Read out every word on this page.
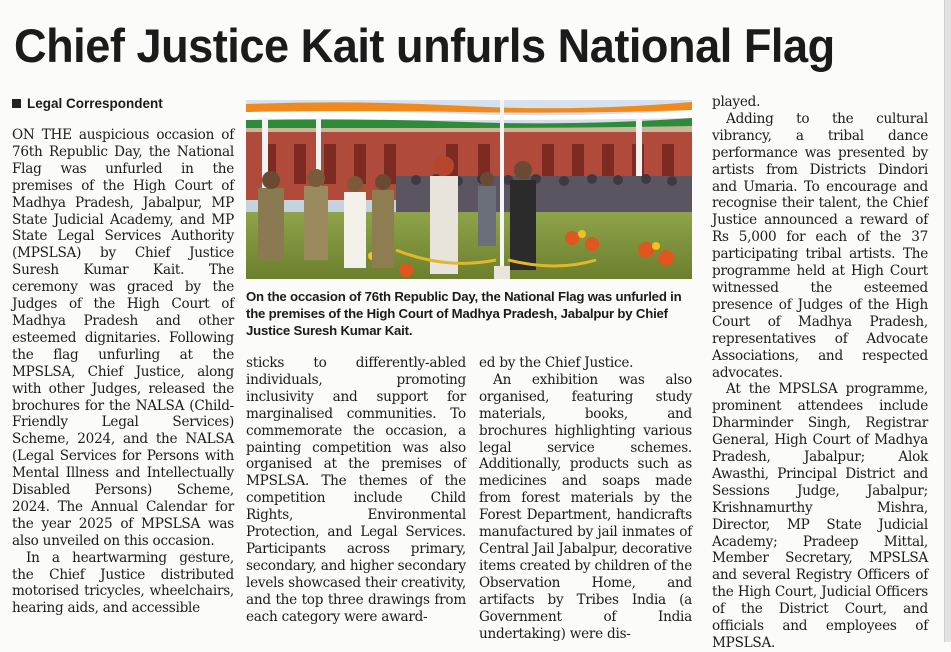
Chief Justice Kait unfurls National Flag
Legal Correspondent

ON THE auspicious occasion of 76th Republic Day, the National Flag was unfurled in the premises of the High Court of Madhya Pradesh, Jabalpur, MP State Judicial Academy, and MP State Legal Services Authority (MPSLSA) by Chief Justice Suresh Kumar Kait. The ceremony was graced by the Judges of the High Court of Madhya Pradesh and other esteemed dignitaries. Following the flag unfurling at the MPSLSA, Chief Justice, along with other Judges, released the brochures for the NALSA (Child-Friendly Legal Services) Scheme, 2024, and the NALSA (Legal Services for Persons with Mental Illness and Intellectually Disabled Persons) Scheme, 2024. The Annual Calendar for the year 2025 of MPSLSA was also unveiled on this occasion.

In a heartwarming gesture, the Chief Justice distributed motorised tricycles, wheelchairs, hearing aids, and accessible

On the occasion of 76th Republic Day, the National Flag was unfurled in the premises of the High Court of Madhya Pradesh, Jabalpur by Chief Justice Suresh Kumar Kait.

sticks to differently-abled individuals, promoting inclusivity and support for marginalised communities. To commemorate the occasion, a painting competition was also organised at the premises of MPSLSA. The themes of the competition include Child Rights, Environmental Protection, and Legal Services. Participants across primary, secondary, and higher secondary levels showcased their creativity, and the top three drawings from each category were award-

ed by the Chief Justice.

An exhibition was also organised, featuring study materials, books, and brochures highlighting various legal service schemes. Additionally, products such as medicines and soaps made from forest materials by the Forest Department, handicrafts manufactured by jail inmates of Central Jail Jabalpur, decorative items created by children of the Observation Home, and artifacts by Tribes India (a Government of India undertaking) were dis-

played.

Adding to the cultural vibrancy, a tribal dance performance was presented by artists from Districts Dindori and Umaria. To encourage and recognise their talent, the Chief Justice announced a reward of Rs 5,000 for each of the 37 participating tribal artists. The programme held at High Court witnessed the esteemed presence of Judges of the High Court of Madhya Pradesh, representatives of Advocate Associations, and respected advocates.

At the MPSLSA programme, prominent attendees include Dharminder Singh, Registrar General, High Court of Madhya Pradesh, Jabalpur; Alok Awasthi, Principal District and Sessions Judge, Jabalpur; Krishnamurthy Mishra, Director, MP State Judicial Academy; Pradeep Mittal, Member Secretary, MPSLSA and several Registry Officers of the High Court, Judicial Officers of the District Court, and officials and employees of MPSLSA.
